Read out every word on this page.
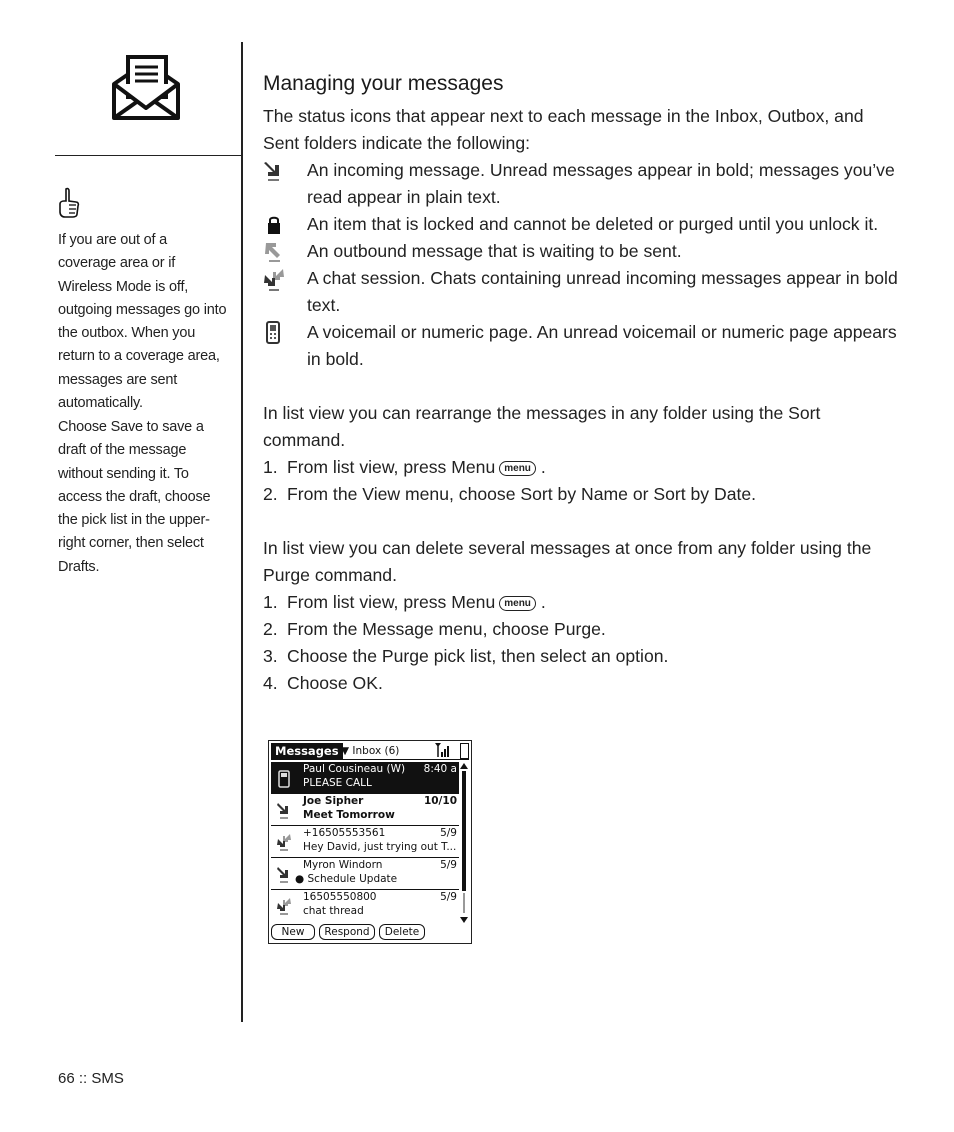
If you are out of a coverage area or if Wireless Mode is off, outgoing messages go into the outbox. When you return to a coverage area, messages are sent automatically.

Choose Save to save a draft of the message without sending it. To access the draft, choose the pick list in the upper-right corner, then select Drafts.

Managing your messages

The status icons that appear next to each message in the Inbox, Outbox, and Sent folders indicate the following:

An incoming message. Unread messages appear in bold; messages you’ve read appear in plain text.
An item that is locked and cannot be deleted or purged until you unlock it.
An outbound message that is waiting to be sent.
A chat session. Chats containing unread incoming messages appear in bold text.
A voicemail or numeric page. An unread voicemail or numeric page appears in bold.

In list view you can rearrange the messages in any folder using the Sort command.

1. From list view, press Menu menu .
2. From the View menu, choose Sort by Name or Sort by Date.

In list view you can delete several messages at once from any folder using the Purge command.

1. From list view, press Menu menu .
2. From the Message menu, choose Purge.
3. Choose the Purge pick list, then select an option.
4. Choose OK.
Messages ▼ Inbox (6)
Paul Cousineau (W)
PLEASE CALL
8:40 a
Joe Sipher
Meet Tomorrow
10/10
+16505553561
Hey David, just trying out T...
5/9
Myron Windorn
● Schedule Update
5/9
16505550800
chat thread
5/9
New	Respond	Delete
66 :: SMS
